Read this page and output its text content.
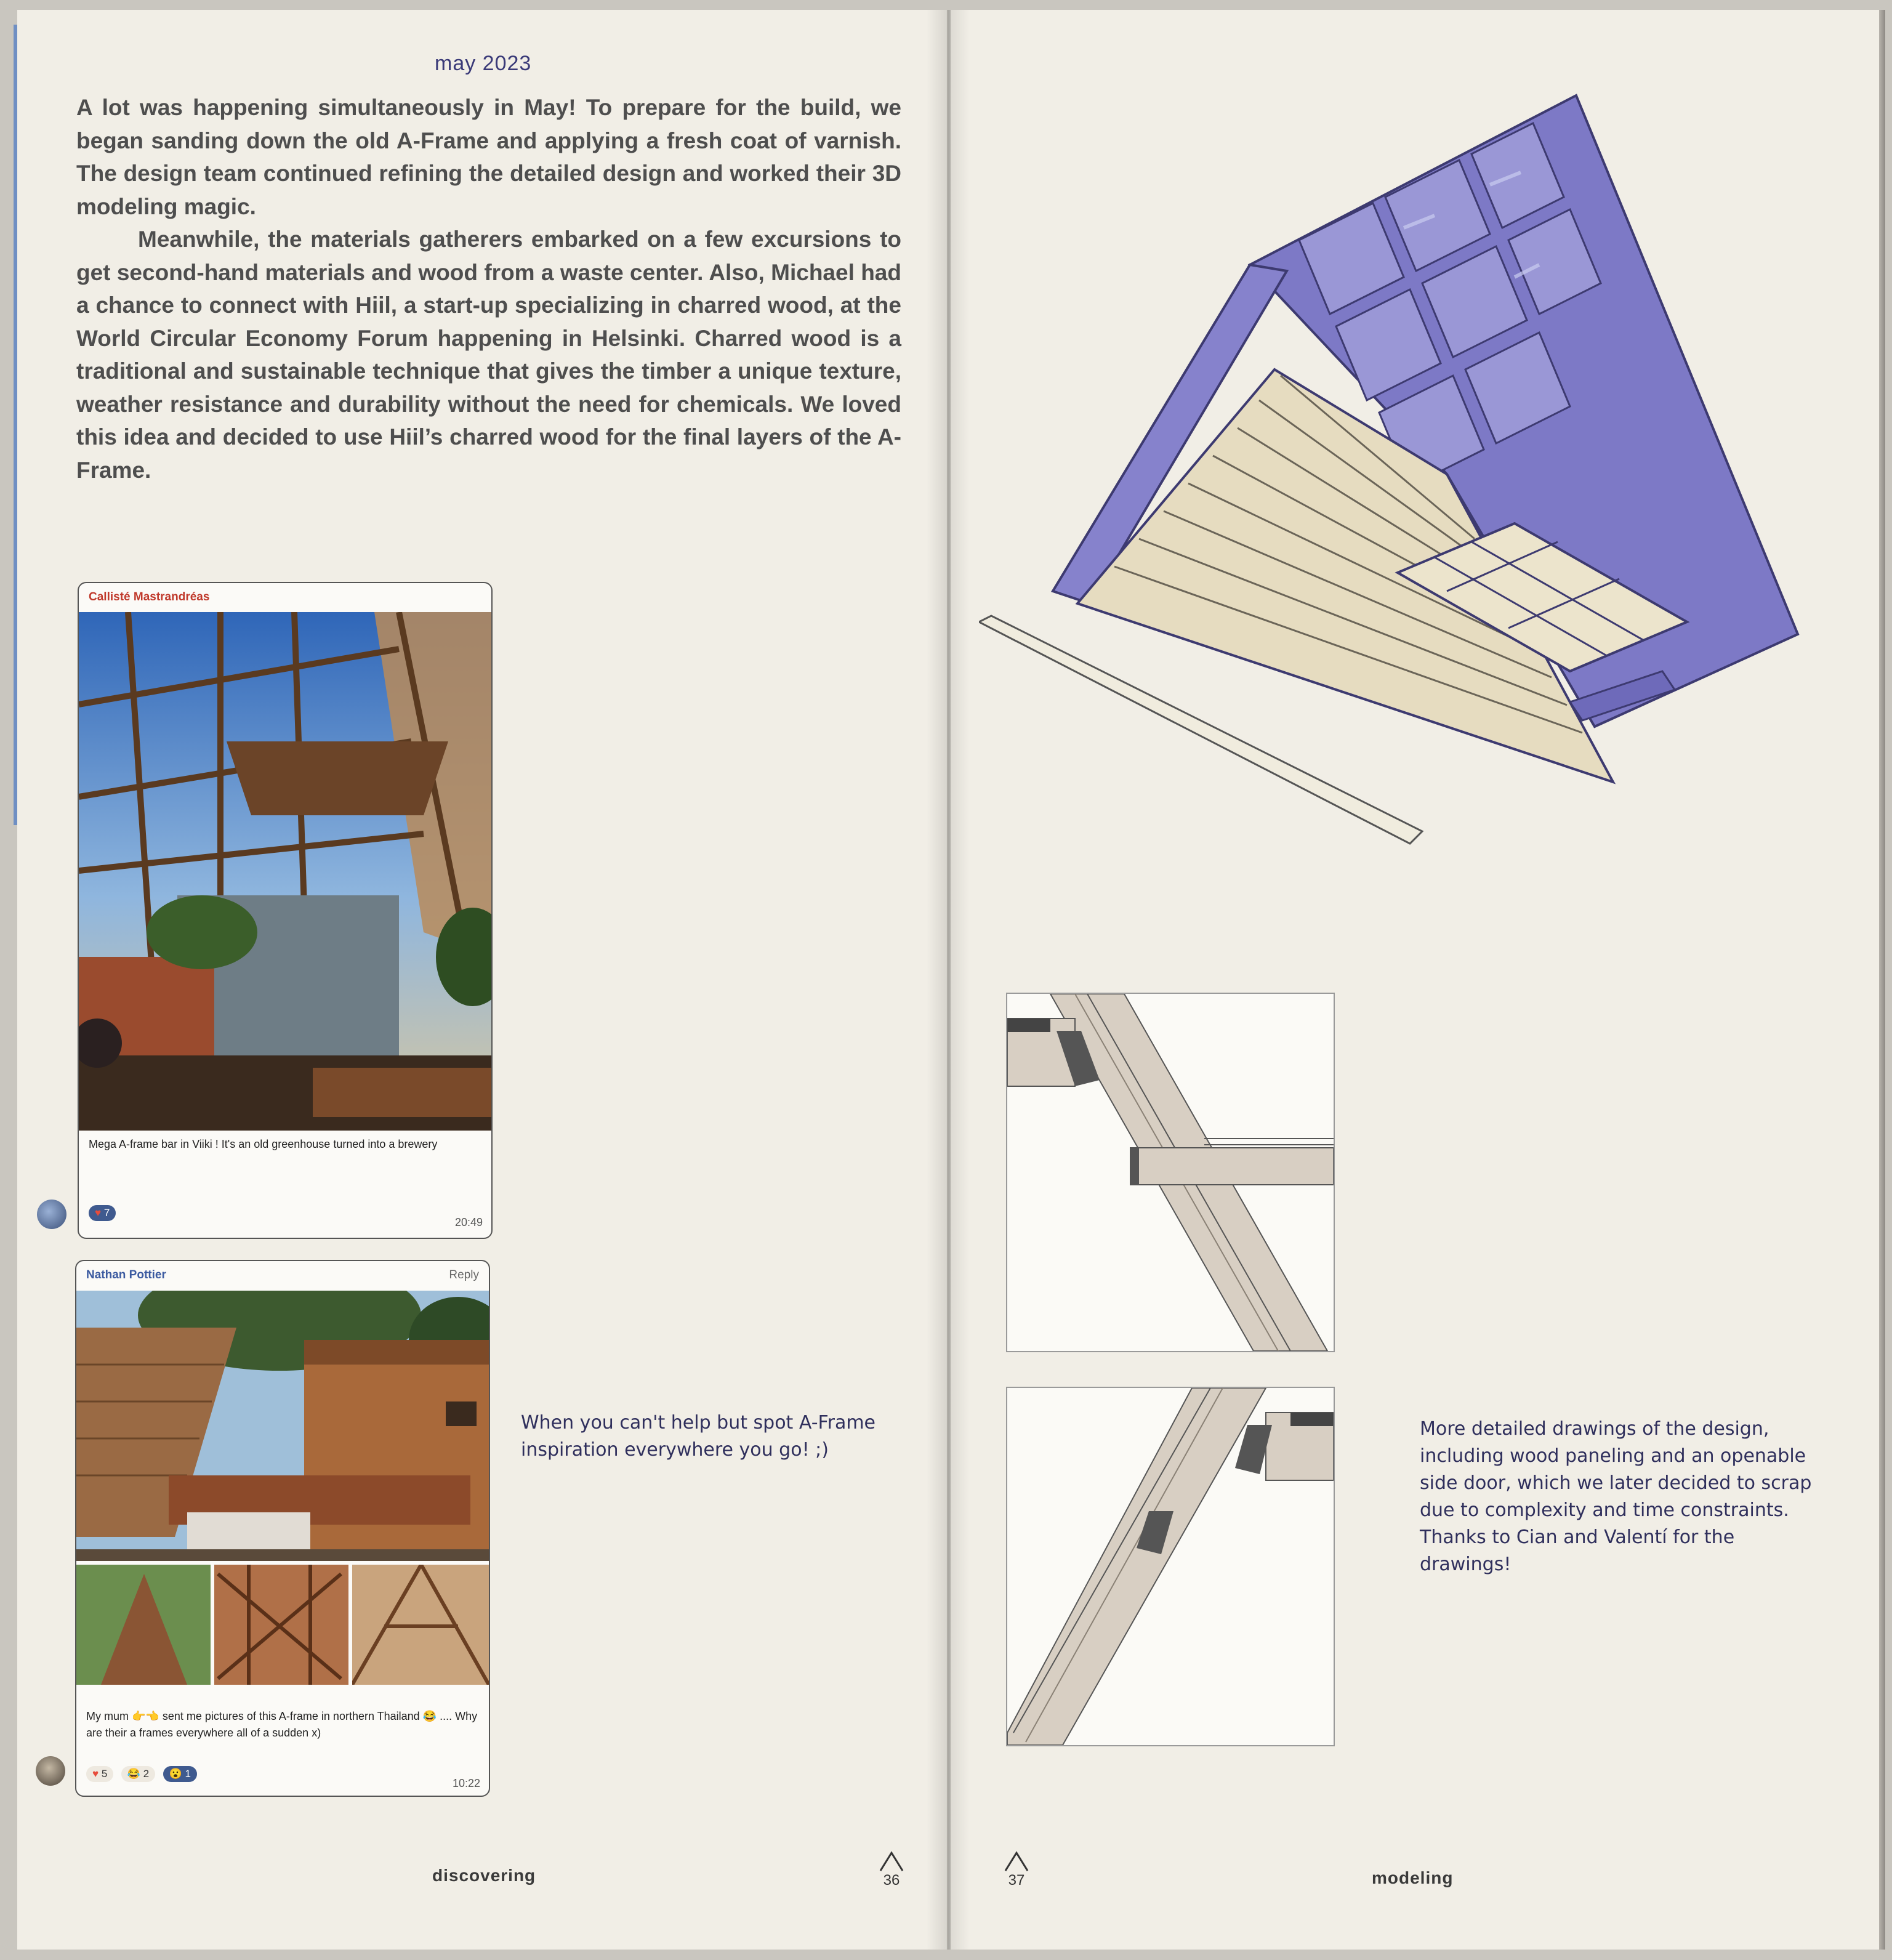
may 2023

A lot was happening simultaneously in May! To prepare for the build, we began sanding down the old A-Frame and applying a fresh coat of varnish. The design team continued refining the detailed design and worked their 3D modeling magic.

Meanwhile, the materials gatherers embarked on a few excursions to get second-hand materials and wood from a waste center. Also, Michael had a chance to connect with Hiil, a start-up specializing in charred wood, at the World Circular Economy Forum happening in Helsinki. Charred wood is a traditional and sustainable technique that gives the timber a unique texture, weather resistance and durability without the need for chemicals. We loved this idea and decided to use Hiil’s charred wood for the final layers of the A-Frame.

Callisté Mastrandréas
Mega A-frame bar in Viiki ! It's an old greenhouse turned into a brewery
♥ 7
20:49
Nathan Pottier	Reply
My mum 👉👈 sent me pictures of this A-frame in northern Thailand 😂 .... Why are their a frames everywhere all of a sudden x)
♥ 5 😂 2 😮 1
10:22
When you can't help but spot A-Frame inspiration everywhere you go! ;)
discovering	36
More detailed drawings of the design, including wood paneling and an openable side door, which we later decided to scrap due to complexity and time constraints. Thanks to Cian and Valentí for the drawings!
37	modeling
